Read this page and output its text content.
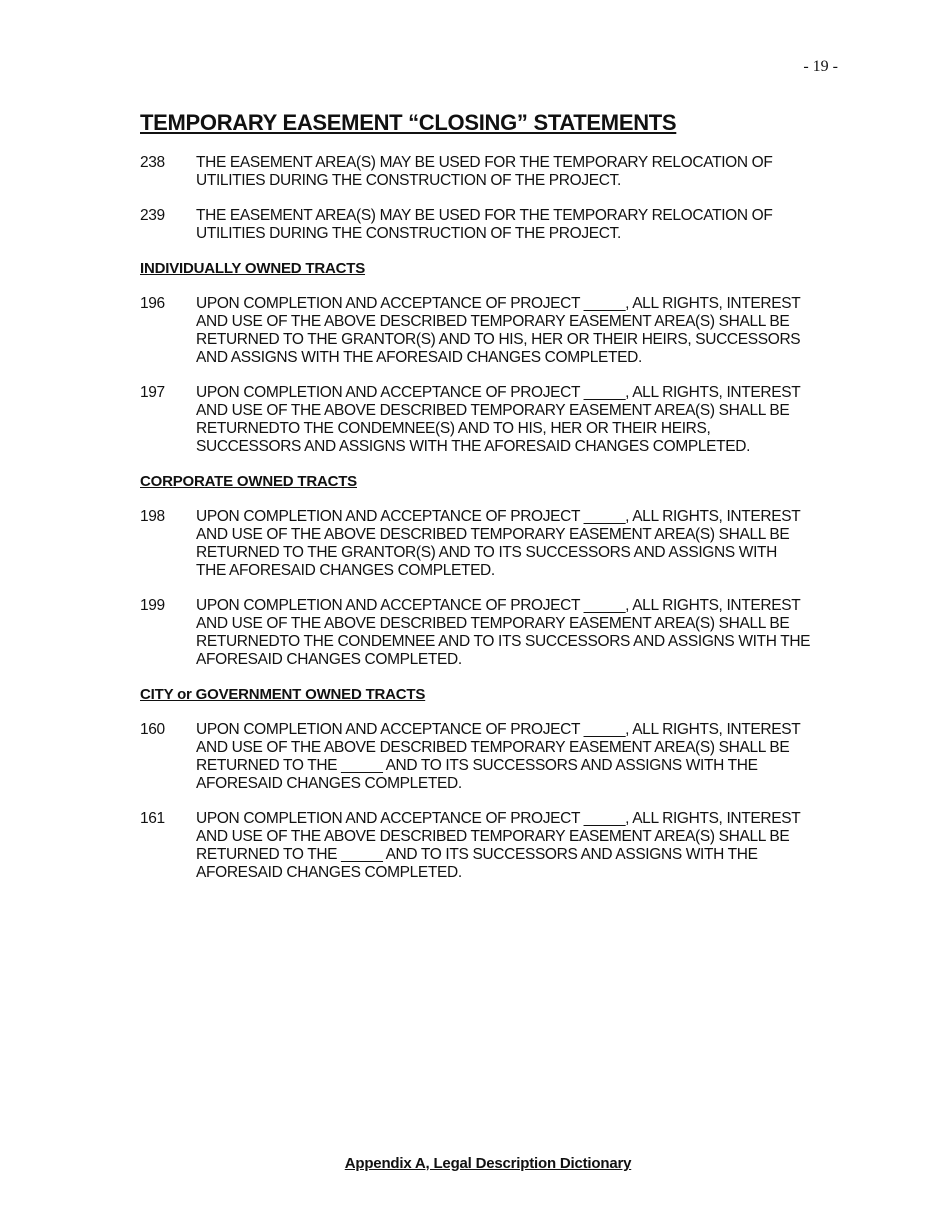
- 19 -
TEMPORARY EASEMENT “CLOSING” STATEMENTS
238	THE EASEMENT AREA(S) MAY BE USED FOR THE TEMPORARY RELOCATION OF
UTILITIES DURING THE CONSTRUCTION OF THE PROJECT.
239	THE EASEMENT AREA(S) MAY BE USED FOR THE TEMPORARY RELOCATION OF
UTILITIES DURING THE CONSTRUCTION OF THE PROJECT.
INDIVIDUALLY OWNED TRACTS
196	UPON COMPLETION AND ACCEPTANCE OF PROJECT _____, ALL RIGHTS, INTEREST
AND USE OF THE ABOVE DESCRIBED TEMPORARY EASEMENT AREA(S) SHALL BE
RETURNED TO THE GRANTOR(S) AND TO HIS, HER OR THEIR HEIRS, SUCCESSORS
AND ASSIGNS WITH THE AFORESAID CHANGES COMPLETED.
197	UPON COMPLETION AND ACCEPTANCE OF PROJECT _____, ALL RIGHTS, INTEREST
AND USE OF THE ABOVE DESCRIBED TEMPORARY EASEMENT AREA(S) SHALL BE
RETURNEDTO THE CONDEMNEE(S) AND TO HIS, HER OR THEIR HEIRS,
SUCCESSORS AND ASSIGNS WITH THE AFORESAID CHANGES COMPLETED.
CORPORATE OWNED TRACTS
198	UPON COMPLETION AND ACCEPTANCE OF PROJECT _____, ALL RIGHTS, INTEREST
AND USE OF THE ABOVE DESCRIBED TEMPORARY EASEMENT AREA(S) SHALL BE
RETURNED TO THE GRANTOR(S) AND TO ITS SUCCESSORS AND ASSIGNS WITH
THE AFORESAID CHANGES COMPLETED.
199	UPON COMPLETION AND ACCEPTANCE OF PROJECT _____, ALL RIGHTS, INTEREST
AND USE OF THE ABOVE DESCRIBED TEMPORARY EASEMENT AREA(S) SHALL BE
RETURNEDTO THE CONDEMNEE AND TO ITS SUCCESSORS AND ASSIGNS WITH THE
AFORESAID CHANGES COMPLETED.
CITY or GOVERNMENT OWNED TRACTS
160	UPON COMPLETION AND ACCEPTANCE OF PROJECT _____, ALL RIGHTS, INTEREST
AND USE OF THE ABOVE DESCRIBED TEMPORARY EASEMENT AREA(S) SHALL BE
RETURNED TO THE _____ AND TO ITS SUCCESSORS AND ASSIGNS WITH THE
AFORESAID CHANGES COMPLETED.
161	UPON COMPLETION AND ACCEPTANCE OF PROJECT _____, ALL RIGHTS, INTEREST
AND USE OF THE ABOVE DESCRIBED TEMPORARY EASEMENT AREA(S) SHALL BE
RETURNED TO THE _____ AND TO ITS SUCCESSORS AND ASSIGNS WITH THE
AFORESAID CHANGES COMPLETED.
Appendix A, Legal Description Dictionary
